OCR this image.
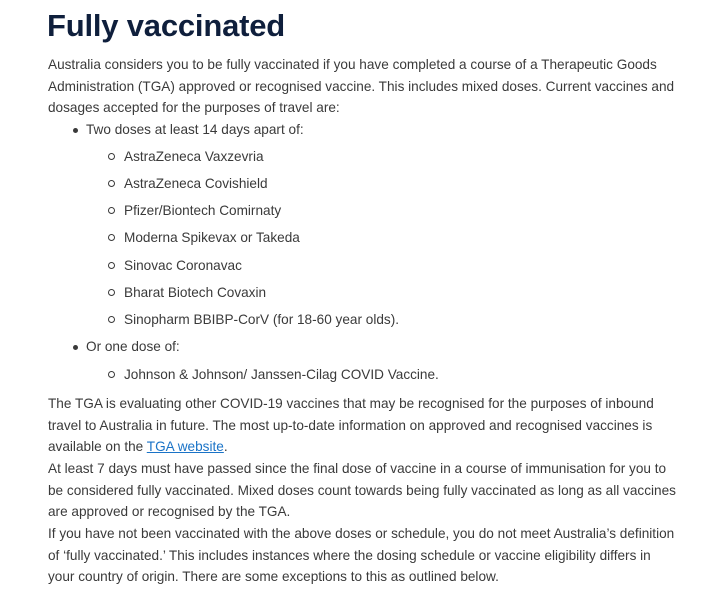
Fully vaccinated

Australia considers you to be fully vaccinated if you have completed a course of a Therapeutic Goods Administration (TGA) approved or recognised vaccine. This includes mixed doses. Current vaccines and dosages accepted for the purposes of travel are:

Two doses at least 14 days apart of:
AstraZeneca Vaxzevria
AstraZeneca Covishield
Pfizer/Biontech Comirnaty
Moderna Spikevax or Takeda
Sinovac Coronavac
Bharat Biotech Covaxin
Sinopharm BBIBP-CorV (for 18-60 year olds).
Or one dose of:
Johnson & Johnson/ Janssen-Cilag COVID Vaccine.

The TGA is evaluating other COVID-19 vaccines that may be recognised for the purposes of inbound travel to Australia in future. The most up-to-date information on approved and recognised vaccines is available on the TGA website.

At least 7 days must have passed since the final dose of vaccine in a course of immunisation for you to be considered fully vaccinated. Mixed doses count towards being fully vaccinated as long as all vaccines are approved or recognised by the TGA.

If you have not been vaccinated with the above doses or schedule, you do not meet Australia’s definition of ‘fully vaccinated.’ This includes instances where the dosing schedule or vaccine eligibility differs in your country of origin. There are some exceptions to this as outlined below.
